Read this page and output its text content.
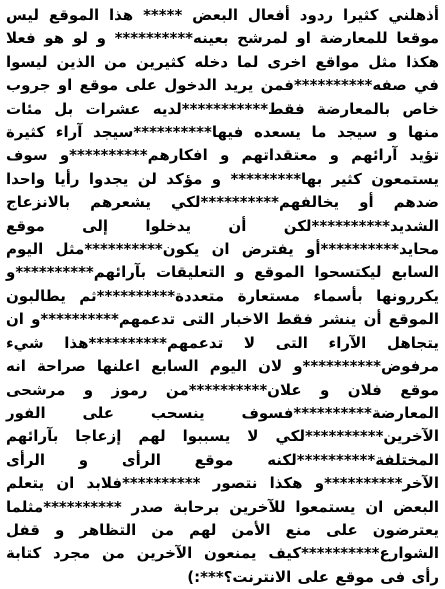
أذهلني كثيرا ردود أفعال البعض ***** هذا الموقع ليس موقعا للمعارضة او لمرشح بعينه********** و لو هو فعلا هكذا مثل مواقع اخرى لما دخله كثيرين من الذين ليسوا في صفه**********فمن يريد الدخول على موقع او جروب خاص بالمعارضة فقط***********لديه عشرات بل مئات منها و سيجد ما يسعده فيها**********سيجد آراء كثيرة تؤيد آرائهم و معتقداتهم و افكارهم**********و سوف يستمعون كثير بها********* و مؤكد لن يجدوا رأيا واحدا ضدهم أو يخالفهم**********لكي يشعرهم بالانزعاج الشديد**********لكن أن يدخلوا إلى موقع محايد**********أو يفترض ان يكون**********مثل اليوم السابع ليكتسحوا الموقع و التعليقات بآرائهم**********و يكررونها بأسماء مستعارة متعددة**********ثم يطالبون الموقع أن ينشر فقط الاخبار التى تدعمهم**********و ان يتجاهل الآراء التى لا تدعمهم**********هذا شيء مرفوض**********و لان اليوم السابع اعلنها صراحة انه موقع فلان و علان**********من رموز و مرشحى المعارضة**********فسوف ينسحب على الفور الآخرين**********لكي لا يسببوا لهم إزعاجا بآرائهم المختلفة**********لكنه موقع الرأى و الرأى الآخر**********و هكذا نتصور **********فلابد ان يتعلم البعض ان يستمعوا للآخرين برحابة صدر **********مثلما يعترضون على منع الأمن لهم من التظاهر و قفل الشوارع**********كيف يمنعون الآخرين من مجرد كتابة رأى فى موقع على الانترنت؟***:)
